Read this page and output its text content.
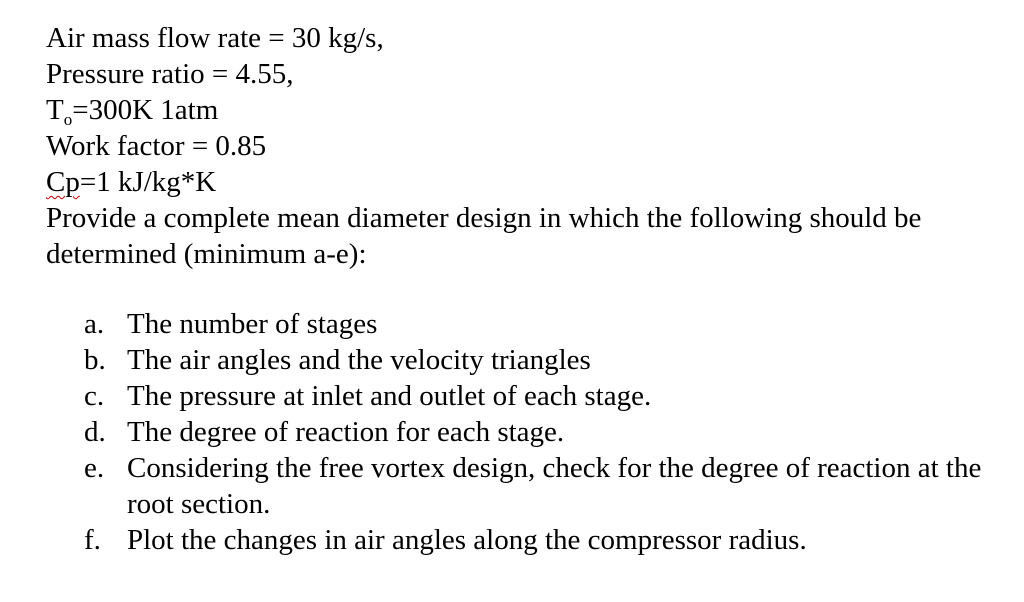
Air mass flow rate = 30 kg/s,
Pressure ratio = 4.55,
$T_o=300K$ 1atm
Work factor = 0.85
Cp=1 kJ/kg*K
Provide a complete mean diameter design in which the following should be determined (minimum a-e):
a. The number of stages
b. The air angles and the velocity triangles
c. The pressure at inlet and outlet of each stage.
d. The degree of reaction for each stage.
e. Considering the free vortex design, check for the degree of reaction at the root section.
f. Plot the changes in air angles along the compressor radius.
